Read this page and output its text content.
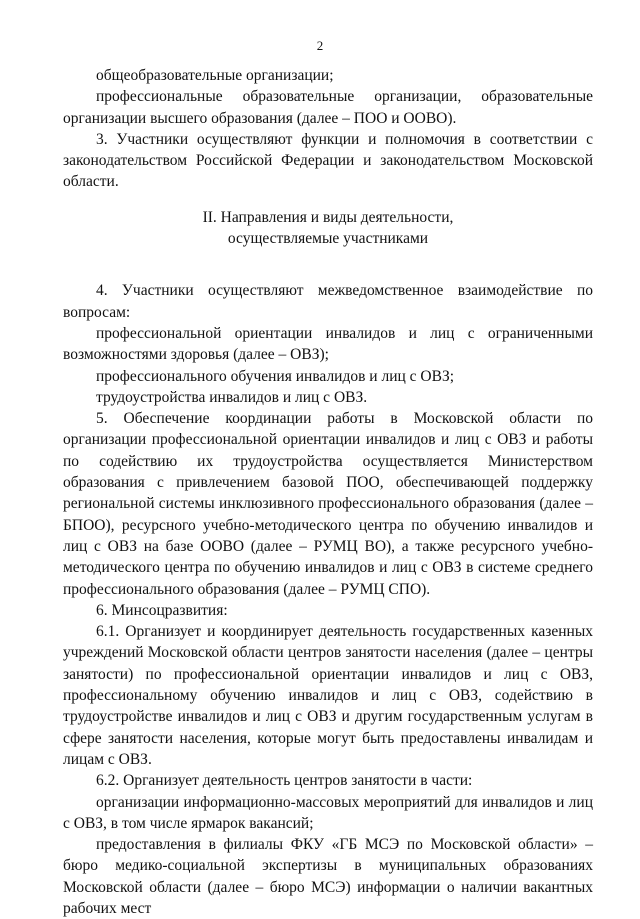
2

общеобразовательные организации;

профессиональные образовательные организации, образовательные организации высшего образования (далее – ПОО и ООВО).

3. Участники осуществляют функции и полномочия в соответствии с законодательством Российской Федерации и законодательством Московской области.

II. Направления и виды деятельности,
осуществляемые участниками

4. Участники осуществляют межведомственное взаимодействие по вопросам:

профессиональной ориентации инвалидов и лиц с ограниченными возможностями здоровья (далее – ОВЗ);

профессионального обучения инвалидов и лиц с ОВЗ;

трудоустройства инвалидов и лиц с ОВЗ.

5. Обеспечение координации работы в Московской области по организации профессиональной ориентации инвалидов и лиц с ОВЗ и работы по содействию их трудоустройства осуществляется Министерством образования с привлечением базовой ПОО, обеспечивающей поддержку региональной системы инклюзивного профессионального образования (далее – БПОО), ресурсного учебно-методического центра по обучению инвалидов и лиц с ОВЗ на базе ООВО (далее – РУМЦ ВО), а также ресурсного учебно-методического центра по обучению инвалидов и лиц с ОВЗ в системе среднего профессионального образования (далее – РУМЦ СПО).

6. Минсоцразвития:

6.1. Организует и координирует деятельность государственных казенных учреждений Московской области центров занятости населения (далее – центры занятости) по профессиональной ориентации инвалидов и лиц с ОВЗ, профессиональному обучению инвалидов и лиц с ОВЗ, содействию в трудоустройстве инвалидов и лиц с ОВЗ и другим государственным услугам в сфере занятости населения, которые могут быть предоставлены инвалидам и лицам с ОВЗ.

6.2. Организует деятельность центров занятости в части:

организации информационно-массовых мероприятий для инвалидов и лиц с ОВЗ, в том числе ярмарок вакансий;

предоставления в филиалы ФКУ «ГБ МСЭ по Московской области» – бюро медико-социальной экспертизы в муниципальных образованиях Московской области (далее – бюро МСЭ) информации о наличии вакантных рабочих мест
